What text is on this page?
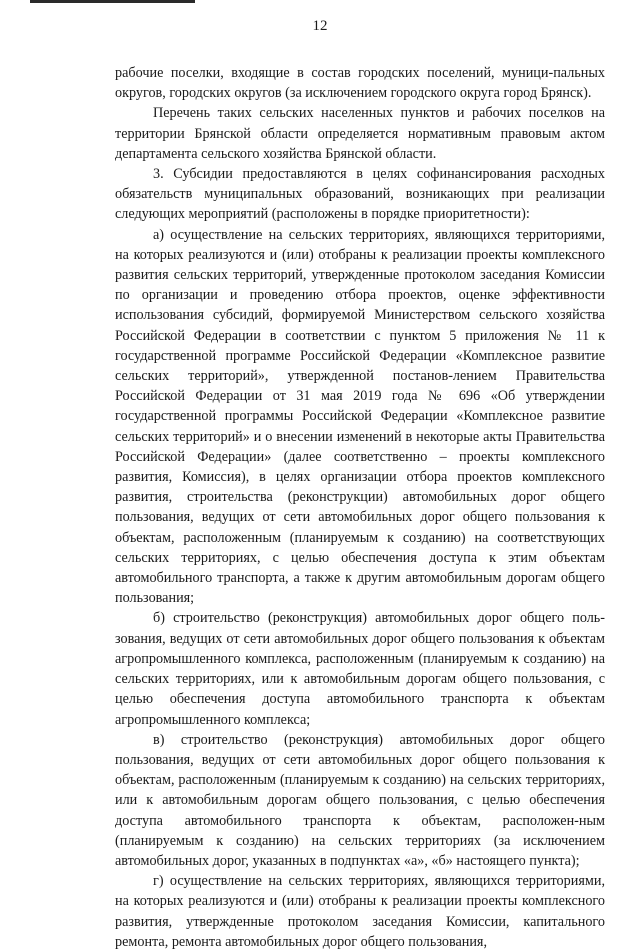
12

рабочие поселки, входящие в состав городских поселений, муници-пальных округов, городских округов (за исключением городского округа город Брянск).

Перечень таких сельских населенных пунктов и рабочих поселков на территории Брянской области определяется нормативным правовым актом департамента сельского хозяйства Брянской области.

3. Субсидии предоставляются в целях софинансирования расходных обязательств муниципальных образований, возникающих при реализации следующих мероприятий (расположены в порядке приоритетности):

а) осуществление на сельских территориях, являющихся территориями, на которых реализуются и (или) отобраны к реализации проекты комплексного развития сельских территорий, утвержденные протоколом заседания Комиссии по организации и проведению отбора проектов, оценке эффективности использования субсидий, формируемой Министерством сельского хозяйства Российской Федерации в соответствии с пунктом 5 приложения № 11 к государственной программе Российской Федерации «Комплексное развитие сельских территорий», утвержденной постанов-лением Правительства Российской Федерации от 31 мая 2019 года № 696 «Об утверждении государственной программы Российской Федерации «Комплексное развитие сельских территорий» и о внесении изменений в некоторые акты Правительства Российской Федерации» (далее соответственно – проекты комплексного развития, Комиссия), в целях организации отбора проектов комплексного развития, строительства (реконструкции) автомобильных дорог общего пользования, ведущих от сети автомобильных дорог общего пользования к объектам, расположенным (планируемым к созданию) на соответствующих сельских территориях, с целью обеспечения доступа к этим объектам автомобильного транспорта, а также к другим автомобильным дорогам общего пользования;

б) строительство (реконструкция) автомобильных дорог общего поль-зования, ведущих от сети автомобильных дорог общего пользования к объектам агропромышленного комплекса, расположенным (планируемым к созданию) на сельских территориях, или к автомобильным дорогам общего пользования, с целью обеспечения доступа автомобильного транспорта к объектам агропромышленного комплекса;

в) строительство (реконструкция) автомобильных дорог общего пользования, ведущих от сети автомобильных дорог общего пользования к объектам, расположенным (планируемым к созданию) на сельских территориях, или к автомобильным дорогам общего пользования, с целью обеспечения доступа автомобильного транспорта к объектам, расположен-ным (планируемым к созданию) на сельских территориях (за исключением автомобильных дорог, указанных в подпунктах «а», «б» настоящего пункта);

г) осуществление на сельских территориях, являющихся территориями, на которых реализуются и (или) отобраны к реализации проекты комплексного развития, утвержденные протоколом заседания Комиссии, капитального ремонта, ремонта автомобильных дорог общего пользования,
